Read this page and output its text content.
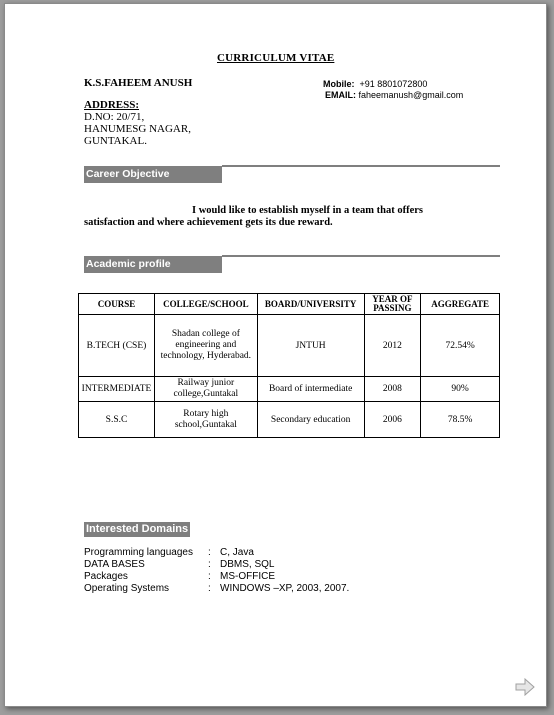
CURRICULUM VITAE
K.S.FAHEEM ANUSH	Mobile: +91 8801072800
EMAIL: faheemanush@gmail.com
ADDRESS:
D.NO: 20/71,
HANUMESG NAGAR,
GUNTAKAL.
Career Objective
I would like to establish myself in a team that offers
satisfaction and where achievement gets its due reward.
Academic profile
COURSE	COLLEGE/SCHOOL	BOARD/UNIVERSITY	YEAR OF PASSING	AGGREGATE
B.TECH (CSE)	Shadan college of engineering and technology, Hyderabad.	JNTUH	2012	72.54%
INTERMEDIATE	Railway junior college,Guntakal	Board of intermediate	2008	90%
S.S.C	Rotary high school,Guntakal	Secondary education	2006	78.5%
Interested Domains
Programming languages	: C, Java
DATA BASES	: DBMS, SQL
Packages	: MS-OFFICE
Operating Systems	: WINDOWS –XP, 2003, 2007.
